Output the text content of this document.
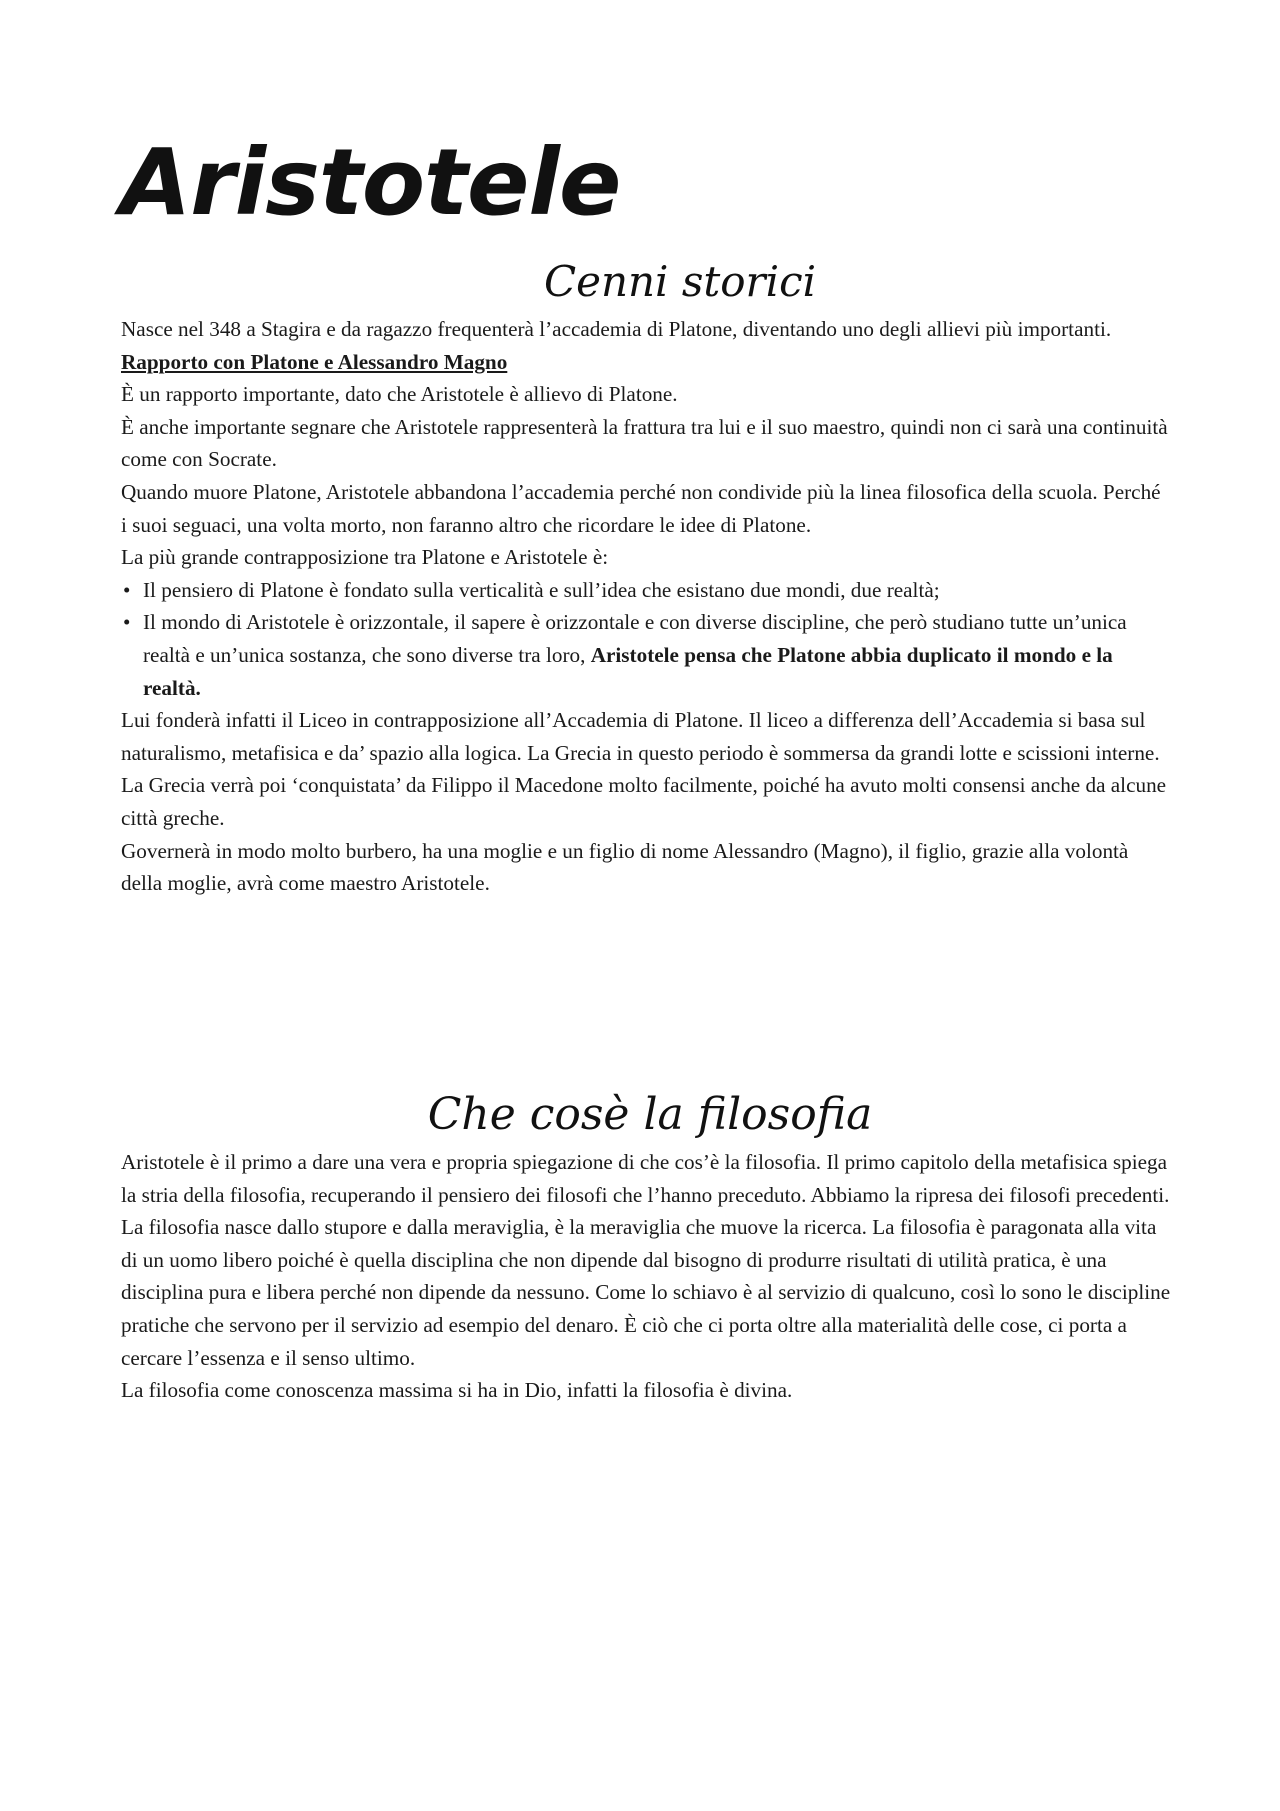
Aristotele
Cenni storici

Nasce nel 348 a Stagira e da ragazzo frequenterà l’accademia di Platone, diventando uno degli allievi più importanti.

Rapporto con Platone e Alessandro Magno

È un rapporto importante, dato che Aristotele è allievo di Platone.

È anche importante segnare che Aristotele rappresenterà la frattura tra lui e il suo maestro, quindi non ci sarà una continuità come con Socrate.

Quando muore Platone, Aristotele abbandona l’accademia perché non condivide più la linea filosofica della scuola. Perché i suoi seguaci, una volta morto, non faranno altro che ricordare le idee di Platone.

La più grande contrapposizione tra Platone e Aristotele è:

• Il pensiero di Platone è fondato sulla verticalità e sull’idea che esistano due mondi, due realtà;
• Il mondo di Aristotele è orizzontale, il sapere è orizzontale e con diverse discipline, che però studiano tutte un’unica realtà e un’unica sostanza, che sono diverse tra loro, Aristotele pensa che Platone abbia duplicato il mondo e la realtà.

Lui fonderà infatti il Liceo in contrapposizione all’Accademia di Platone. Il liceo a differenza dell’Accademia si basa sul naturalismo, metafisica e da’ spazio alla logica. La Grecia in questo periodo è sommersa da grandi lotte e scissioni interne.

La Grecia verrà poi ‘conquistata’ da Filippo il Macedone molto facilmente, poiché ha avuto molti consensi anche da alcune città greche.

Governerà in modo molto burbero, ha una moglie e un figlio di nome Alessandro (Magno), il figlio, grazie alla volontà della moglie, avrà come maestro Aristotele.

Che cosè la filosofia

Aristotele è il primo a dare una vera e propria spiegazione di che cos’è la filosofia. Il primo capitolo della metafisica spiega la stria della filosofia, recuperando il pensiero dei filosofi che l’hanno preceduto. Abbiamo la ripresa dei filosofi precedenti. La filosofia nasce dallo stupore e dalla meraviglia, è la meraviglia che muove la ricerca. La filosofia è paragonata alla vita di un uomo libero poiché è quella disciplina che non dipende dal bisogno di produrre risultati di utilità pratica, è una disciplina pura e libera perché non dipende da nessuno. Come lo schiavo è al servizio di qualcuno, così lo sono le discipline pratiche che servono per il servizio ad esempio del denaro. È ciò che ci porta oltre alla materialità delle cose, ci porta a cercare l’essenza e il senso ultimo.

La filosofia come conoscenza massima si ha in Dio, infatti la filosofia è divina.
